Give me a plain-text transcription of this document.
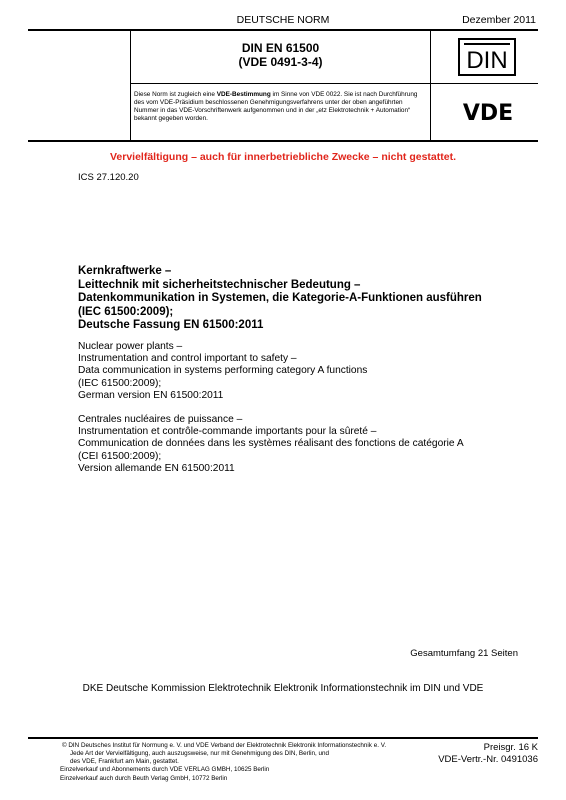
DEUTSCHE NORM	Dezember 2011
DIN EN 61500
(VDE 0491-3-4)	DIN
Diese Norm ist zugleich eine VDE-Bestimmung im Sinne von VDE 0022. Sie ist nach Durchführung des vom VDE-Präsidium beschlossenen Genehmigungsverfahrens unter der oben angeführten Nummer in das VDE-Vorschriftenwerk aufgenommen und in der „etz Elektrotechnik + Automation“ bekannt gegeben worden.	VDE
Vervielfältigung – auch für innerbetriebliche Zwecke – nicht gestattet.
ICS 27.120.20
Kernkraftwerke –
Leittechnik mit sicherheitstechnischer Bedeutung –
Datenkommunikation in Systemen, die Kategorie-A-Funktionen ausführen
(IEC 61500:2009);
Deutsche Fassung EN 61500:2011
Nuclear power plants –
Instrumentation and control important to safety –
Data communication in systems performing category A functions
(IEC 61500:2009);
German version EN 61500:2011
Centrales nucléaires de puissance –
Instrumentation et contrôle-commande importants pour la sûreté –
Communication de données dans les systèmes réalisant des fonctions de catégorie A
(CEI 61500:2009);
Version allemande EN 61500:2011
Gesamtumfang 21 Seiten
DKE Deutsche Kommission Elektrotechnik Elektronik Informationstechnik im DIN und VDE
© DIN Deutsches Institut für Normung e. V. und VDE Verband der Elektrotechnik Elektronik Informationstechnik e. V.
Jede Art der Vervielfältigung, auch auszugsweise, nur mit Genehmigung des DIN, Berlin, und
des VDE, Frankfurt am Main, gestattet.
Einzelverkauf und Abonnements durch VDE VERLAG GMBH, 10625 Berlin
Einzelverkauf auch durch Beuth Verlag GmbH, 10772 Berlin
Preisgr. 16 K
VDE-Vertr.-Nr. 0491036
